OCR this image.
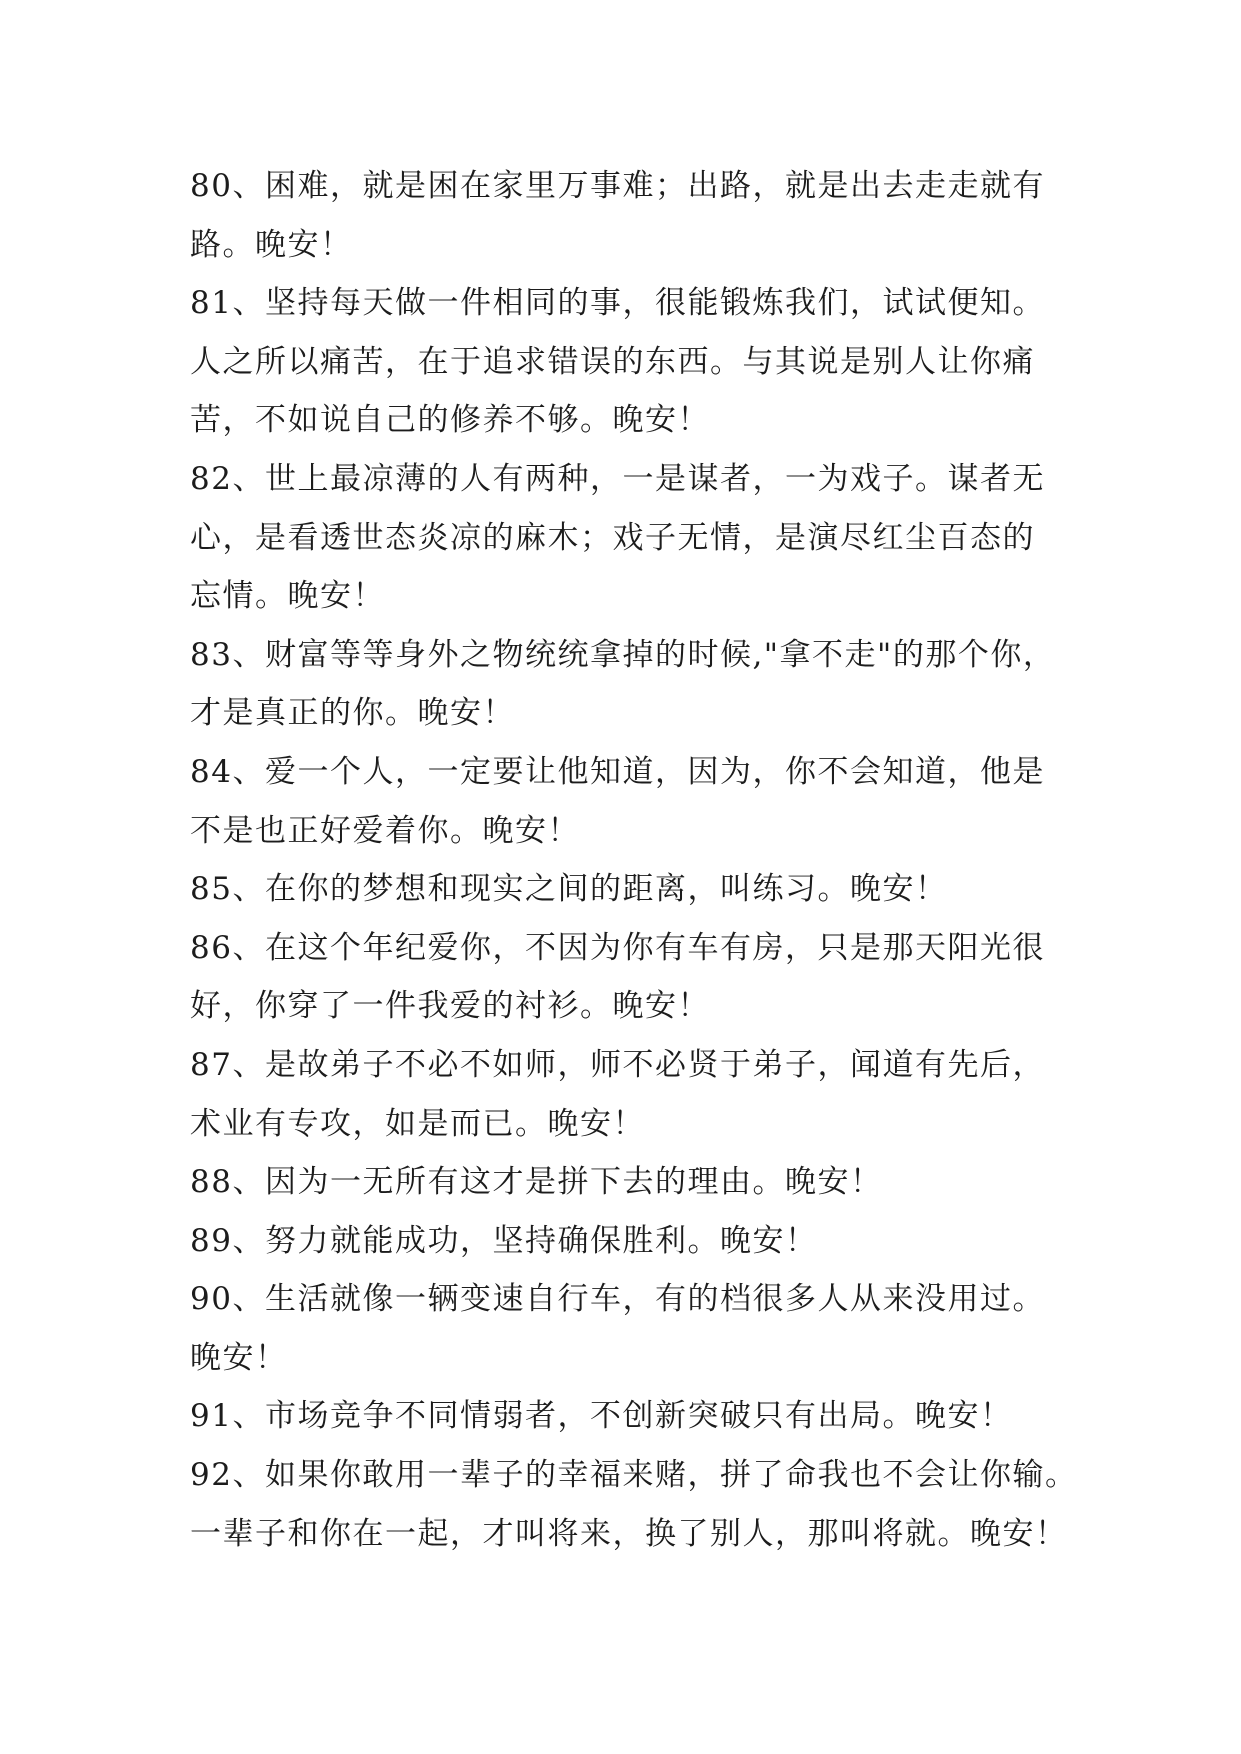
80、困难，就是困在家里万事难；出路，就是出去走走就有
路。晚安！
81、坚持每天做一件相同的事，很能锻炼我们，试试便知。
人之所以痛苦，在于追求错误的东西。与其说是别人让你痛
苦，不如说自己的修养不够。晚安！
82、世上最凉薄的人有两种，一是谋者，一为戏子。谋者无
心，是看透世态炎凉的麻木；戏子无情，是演尽红尘百态的
忘情。晚安！
83、财富等等身外之物统统拿掉的时候,"拿不走"的那个你，
才是真正的你。晚安！
84、爱一个人，一定要让他知道，因为，你不会知道，他是
不是也正好爱着你。晚安！
85、在你的梦想和现实之间的距离，叫练习。晚安！
86、在这个年纪爱你，不因为你有车有房，只是那天阳光很
好，你穿了一件我爱的衬衫。晚安！
87、是故弟子不必不如师，师不必贤于弟子，闻道有先后，
术业有专攻，如是而已。晚安！
88、因为一无所有这才是拼下去的理由。晚安！
89、努力就能成功，坚持确保胜利。晚安！
90、生活就像一辆变速自行车，有的档很多人从来没用过。
晚安！
91、市场竞争不同情弱者，不创新突破只有出局。晚安！
92、如果你敢用一辈子的幸福来赌，拼了命我也不会让你输。
一辈子和你在一起，才叫将来，换了别人，那叫将就。晚安！
